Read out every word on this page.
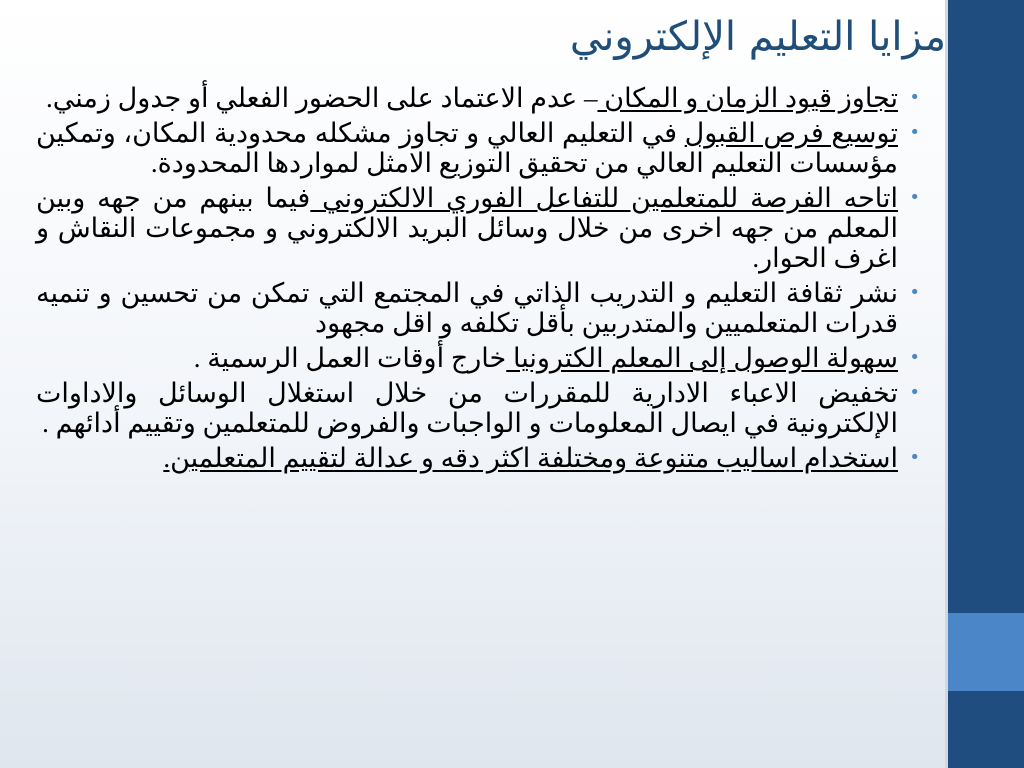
مزايا التعليم الإلكتروني
•
تجاوز قيود الزمان و المكان – عدم الاعتماد على الحضور الفعلي أو جدول زمني.
•
توسيع فرص القبول في التعليم العالي و تجاوز مشكله محدودية المكان، وتمكين مؤسسات التعليم العالي من تحقيق التوزيع الامثل لمواردها المحدودة.
•
اتاحه الفرصة للمتعلمين للتفاعل الفوري الالكتروني فيما بينهم من جهه وبين المعلم من جهه اخرى من خلال وسائل البريد الالكتروني و مجموعات النقاش و اغرف الحوار.
•
نشر ثقافة التعليم و التدريب الذاتي في المجتمع التي تمكن من تحسين و تنميه قدرات المتعلميين والمتدربين بأقل تكلفه و اقل مجهود
•
سهولة الوصول إلى المعلم الكترونيا خارج أوقات العمل الرسمية .
•
تخفيض الاعباء الادارية للمقررات من خلال استغلال الوسائل والاداوات الإلكترونية في ايصال المعلومات و الواجبات والفروض للمتعلمين وتقييم أدائهم .
•
استخدام اساليب متنوعة ومختلفة اكثر دقه و عدالة لتقييم المتعلمين.
